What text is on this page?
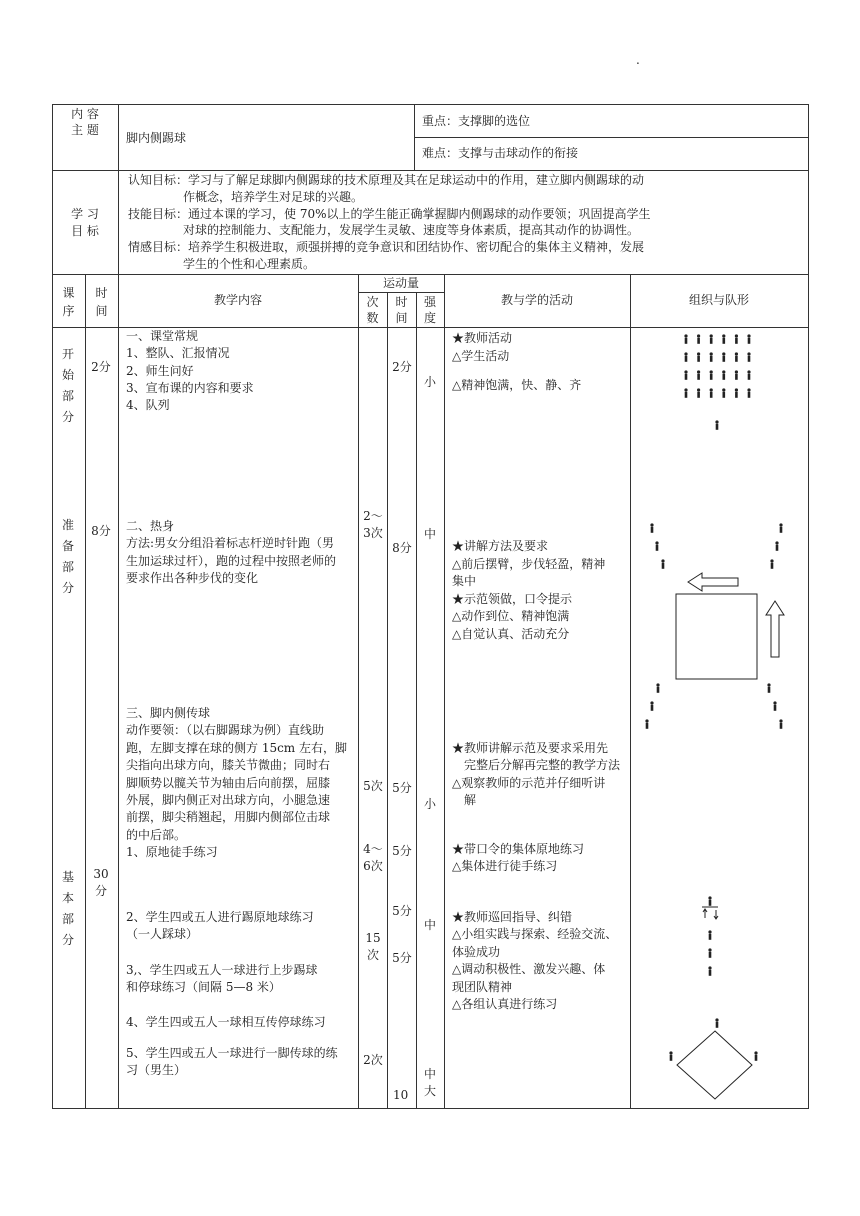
.
内 容
主 题
脚内侧踢球
重点：支撑脚的选位
难点：支撑与击球动作的衔接
学 习
目 标
认知目标：学习与了解足球脚内侧踢球的技术原理及其在足球运动中的作用，建立脚内侧踢球的动
作概念，培养学生对足球的兴趣。
技能目标：通过本课的学习，使 70%以上的学生能正确掌握脚内侧踢球的动作要领；巩固提高学生
对球的控制能力、支配能力，发展学生灵敏、速度等身体素质，提高其动作的协调性。
情感目标：培养学生积极进取，顽强拼搏的竞争意识和团结协作、密切配合的集体主义精神，发展
学生的个性和心理素质。
课
序
时
间
教学内容
运动量
次
数
时
间
强
度
教与学的活动	组织与队形
开始部分
2分
一、课堂常规
1、整队、汇报情况
2、师生问好
3、宣布课的内容和要求
4、队列
2分
小
★教师活动
△学生活动
△精神饱满，快、静、齐
准备部分
8分 二、热身
方法:男女分组沿着标志杆逆时针跑（男
生加运球过杆），跑的过程中按照老师的
要求作出各种步伐的变化
2～3次
8分
中
★讲解方法及要求
△前后摆臂，步伐轻盈，精神
集中
★示范领做，口令提示
△动作到位、精神饱满
△自觉认真、活动充分
基本部分
30分
三、脚内侧传球
动作要领：（以右脚踢球为例）直线助
跑，左脚支撑在球的侧方 15cm 左右，脚
尖指向出球方向，膝关节微曲；同时右
脚顺势以髋关节为轴由后向前摆，屈膝
外展，脚内侧正对出球方向，小腿急速
前摆，脚尖稍翘起，用脚内侧部位击球
的中后部。
1、原地徒手练习
2、学生四或五人进行踢原地球练习
（一人踩球）
3,、学生四或五人一球进行上步踢球
和停球练习（间隔 5—8 米）
4、学生四或五人一球相互传停球练习
5、学生四或五人一球进行一脚传球的练
习（男生）
5次
4～6次
15次
2次
5分
5分
5分
5分
10
小
中
中大
★教师讲解示范及要求采用先
完整后分解再完整的教学方法
△观察教师的示范并仔细听讲
解
★带口令的集体原地练习
△集体进行徒手练习
★教师巡回指导、纠错
△小组实践与探索、经验交流、
体验成功
△调动积极性、激发兴趣、体
现团队精神
△各组认真进行练习
